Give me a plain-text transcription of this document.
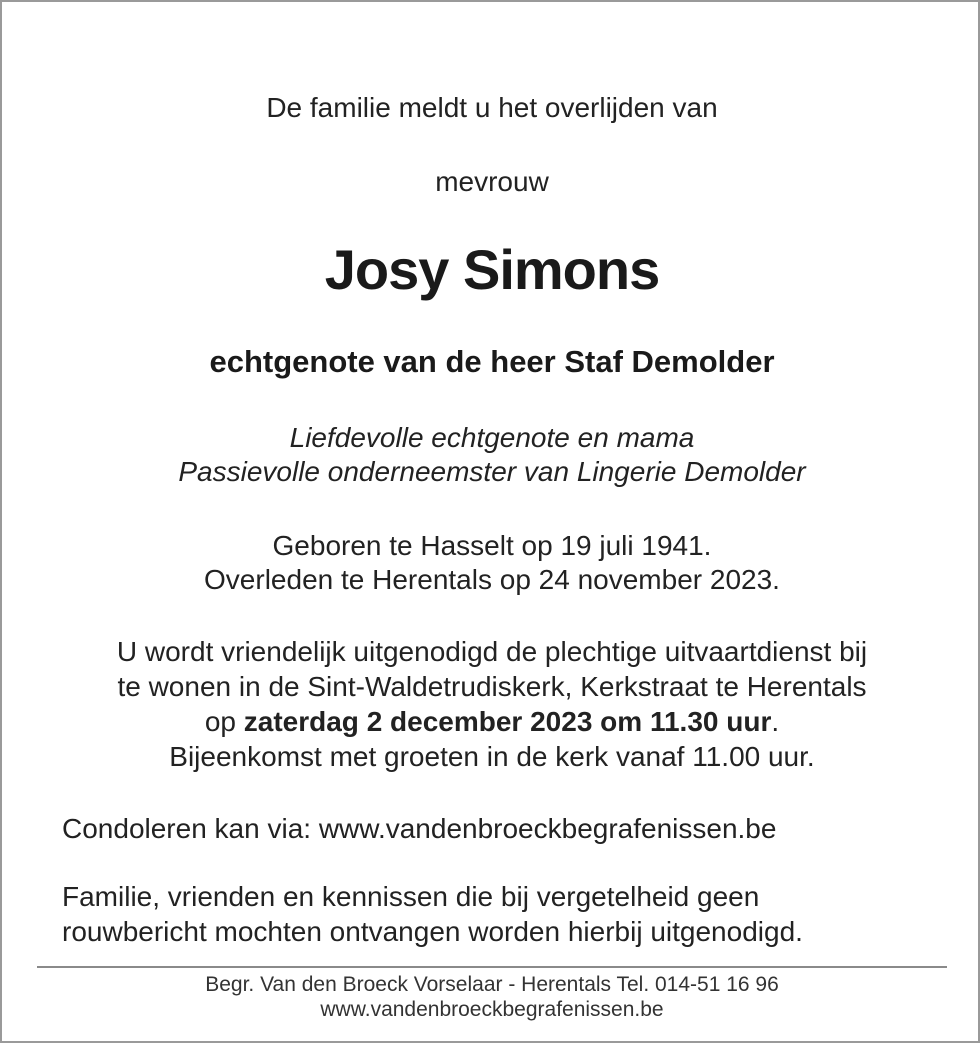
De familie meldt u het overlijden van
mevrouw
Josy Simons
echtgenote van de heer Staf Demolder
Liefdevolle echtgenote en mama
Passievolle onderneemster van Lingerie Demolder
Geboren te Hasselt op 19 juli 1941.
Overleden te Herentals op 24 november 2023.
U wordt vriendelijk uitgenodigd de plechtige uitvaartdienst bij
te wonen in de Sint-Waldetrudiskerk, Kerkstraat te Herentals
op zaterdag 2 december 2023 om 11.30 uur.
Bijeenkomst met groeten in de kerk vanaf 11.00 uur.
Condoleren kan via: www.vandenbroeckbegrafenissen.be
Familie, vrienden en kennissen die bij vergetelheid geen
rouwbericht mochten ontvangen worden hierbij uitgenodigd.
Begr. Van den Broeck Vorselaar - Herentals Tel. 014-51 16 96
www.vandenbroeckbegrafenissen.be
